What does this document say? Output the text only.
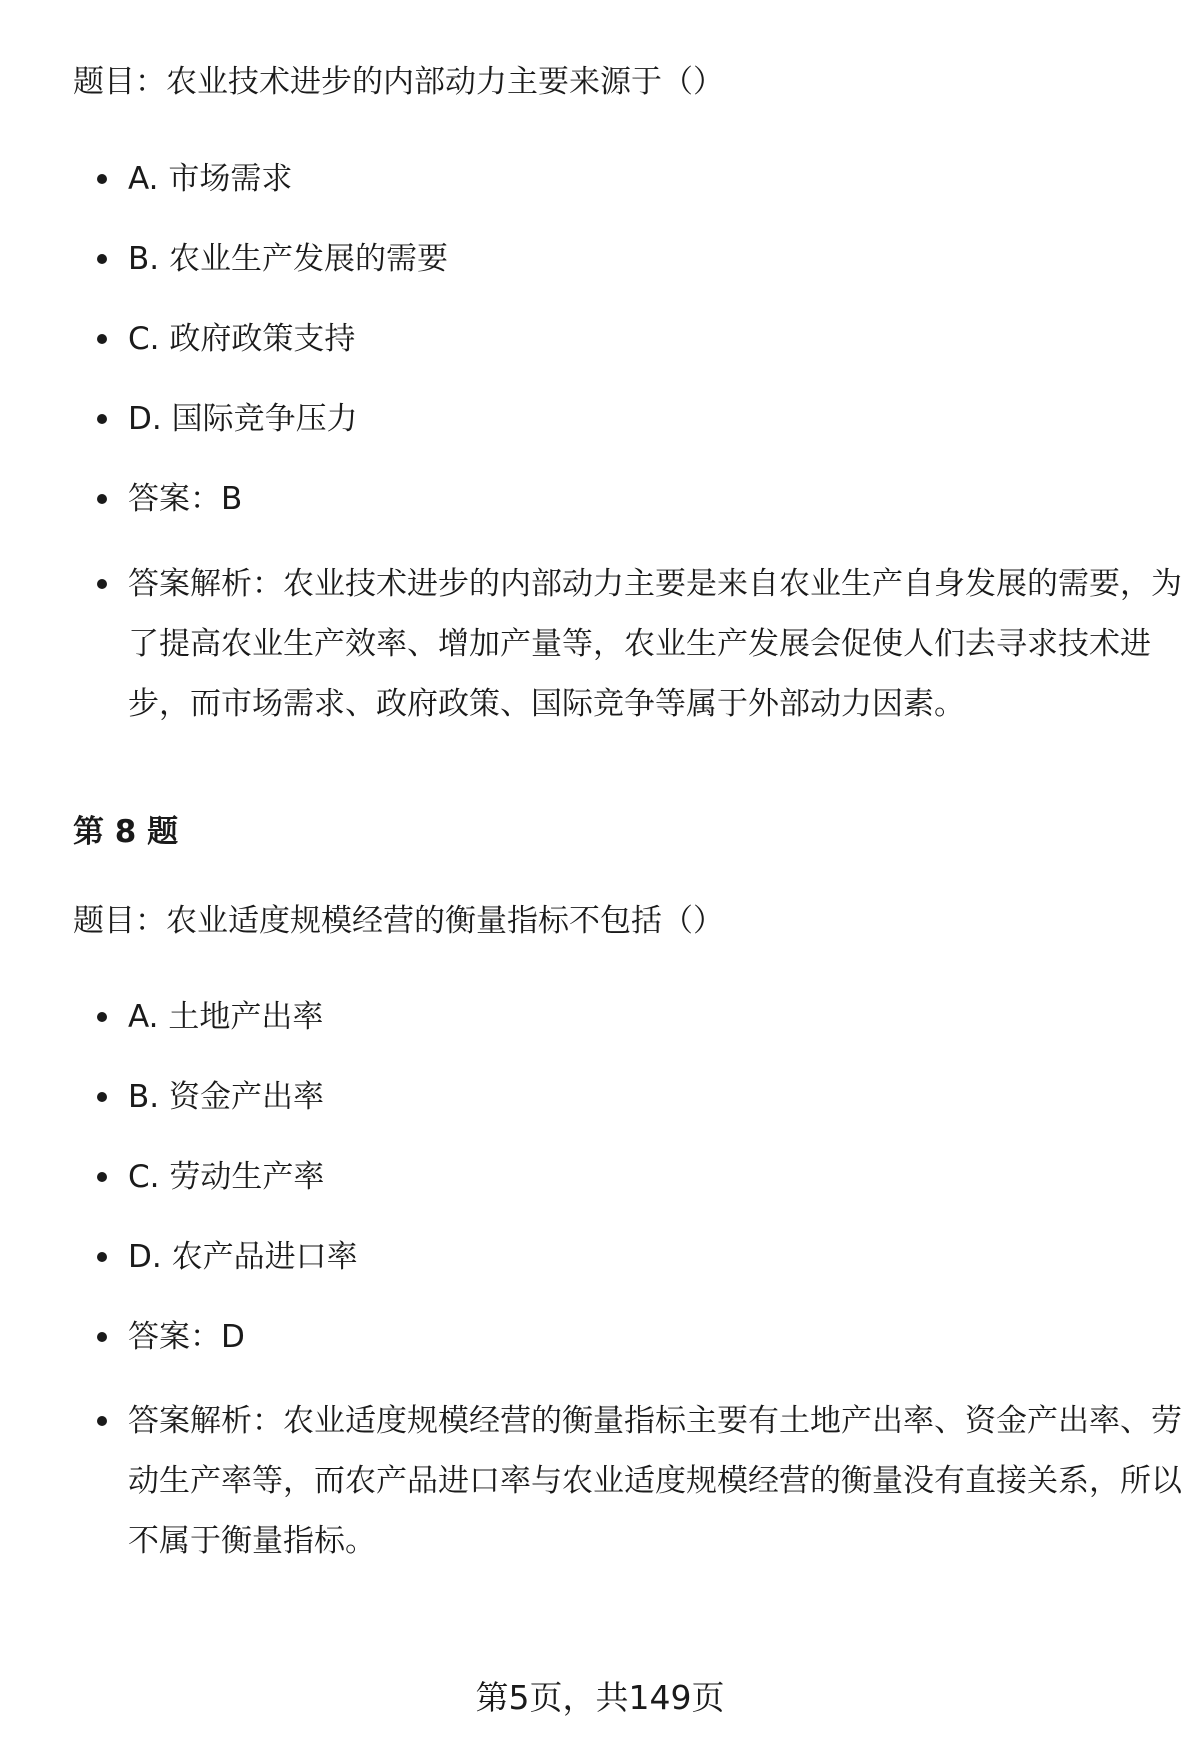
题目：农业技术进步的内部动力主要来源于（）
A. 市场需求
B. 农业生产发展的需要
C. 政府政策支持
D. 国际竞争压力
答案：B
答案解析：农业技术进步的内部动力主要是来自农业生产自身发展的需要，为
了提高农业生产效率、增加产量等，农业生产发展会促使人们去寻求技术进
步，而市场需求、政府政策、国际竞争等属于外部动力因素。
第 8 题
题目：农业适度规模经营的衡量指标不包括（）
A. 土地产出率
B. 资金产出率
C. 劳动生产率
D. 农产品进口率
答案：D
答案解析：农业适度规模经营的衡量指标主要有土地产出率、资金产出率、劳
动生产率等，而农产品进口率与农业适度规模经营的衡量没有直接关系，所以
不属于衡量指标。
第5页，共149页
